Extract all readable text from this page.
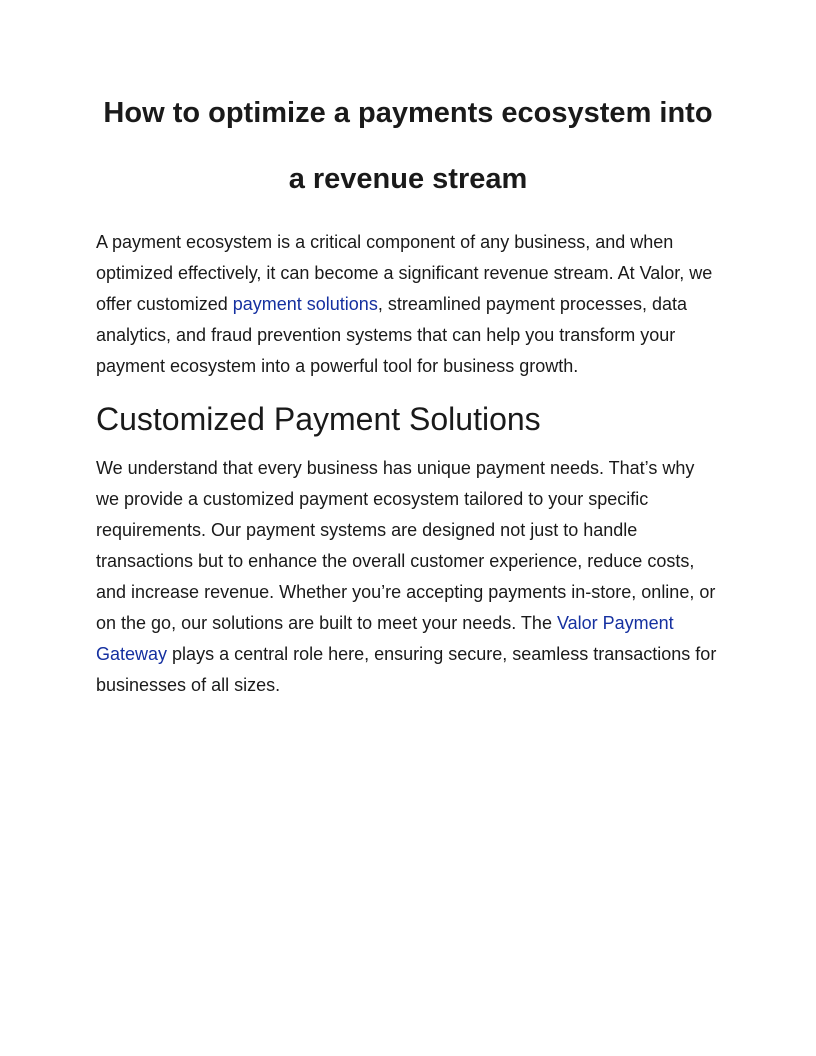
How to optimize a payments ecosystem into
a revenue stream

A payment ecosystem is a critical component of any business, and when optimized effectively, it can become a significant revenue stream. At Valor, we offer customized payment solutions, streamlined payment processes, data analytics, and fraud prevention systems that can help you transform your payment ecosystem into a powerful tool for business growth.

Customized Payment Solutions

We understand that every business has unique payment needs. That’s why we provide a customized payment ecosystem tailored to your specific requirements. Our payment systems are designed not just to handle transactions but to enhance the overall customer experience, reduce costs, and increase revenue. Whether you’re accepting payments in-store, online, or on the go, our solutions are built to meet your needs. The Valor Payment Gateway plays a central role here, ensuring secure, seamless transactions for businesses of all sizes.
